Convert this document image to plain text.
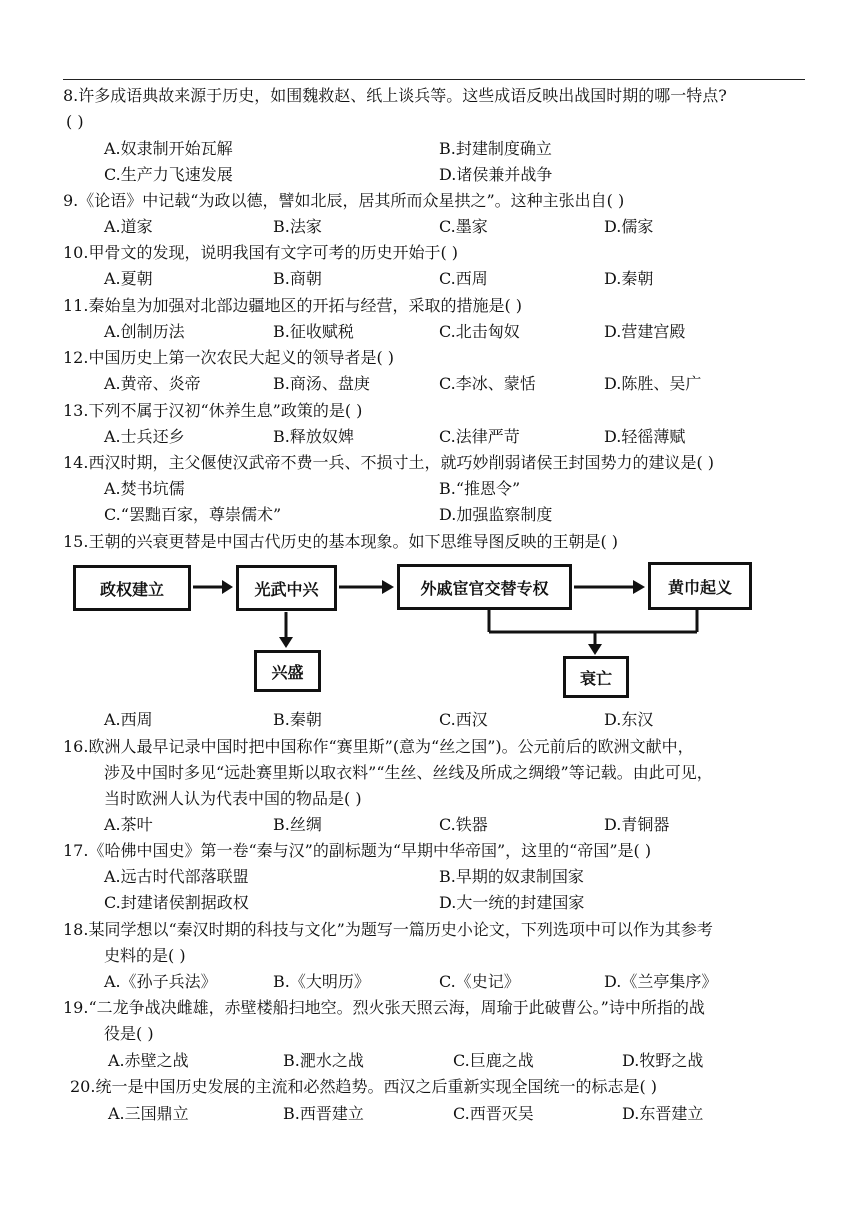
8.许多成语典故来源于历史，如围魏救赵、纸上谈兵等。这些成语反映出战国时期的哪一特点?
( )
A.奴隶制开始瓦解	B.封建制度确立
C.生产力飞速发展	D.诸侯兼并战争
9.《论语》中记载“为政以德，譬如北辰，居其所而众星拱之”。这种主张出自( )
A.道家	B.法家	C.墨家	D.儒家
10.甲骨文的发现，说明我国有文字可考的历史开始于( )
A.夏朝	B.商朝	C.西周	D.秦朝
11.秦始皇为加强对北部边疆地区的开拓与经营，采取的措施是( )
A.创制历法	B.征收赋税	C.北击匈奴	D.营建宫殿
12.中国历史上第一次农民大起义的领导者是( )
A.黄帝、炎帝	B.商汤、盘庚	C.李冰、蒙恬	D.陈胜、吴广
13.下列不属于汉初“休养生息”政策的是( )
A.士兵还乡	B.释放奴婢	C.法律严苛	D.轻徭薄赋
14.西汉时期，主父偃使汉武帝不费一兵、不损寸土，就巧妙削弱诸侯王封国势力的建议是( )
A.焚书坑儒	B.“推恩令”
C.“罢黜百家，尊崇儒术”	D.加强监察制度
15.王朝的兴衰更替是中国古代历史的基本现象。如下思维导图反映的王朝是( )
政权建立	光武中兴	外戚宦官交替专权	黄巾起义
兴盛	衰亡
A.西周	B.秦朝	C.西汉	D.东汉
16.欧洲人最早记录中国时把中国称作“赛里斯”(意为“丝之国”)。公元前后的欧洲文献中，
涉及中国时多见“远赴赛里斯以取衣料”“生丝、丝线及所成之绸缎”等记载。由此可见，
当时欧洲人认为代表中国的物品是( )
A.茶叶	B.丝绸	C.铁器	D.青铜器
17.《哈佛中国史》第一卷“秦与汉”的副标题为“早期中华帝国”，这里的“帝国”是( )
A.远古时代部落联盟	B.早期的奴隶制国家
C.封建诸侯割据政权	D.大一统的封建国家
18.某同学想以“秦汉时期的科技与文化”为题写一篇历史小论文，下列选项中可以作为其参考
史料的是( )
A.《孙子兵法》	B.《大明历》	C.《史记》	D.《兰亭集序》
19.“二龙争战决雌雄，赤壁楼船扫地空。烈火张天照云海，周瑜于此破曹公。”诗中所指的战
役是( )
A.赤壁之战	B.淝水之战	C.巨鹿之战	D.牧野之战
20.统一是中国历史发展的主流和必然趋势。西汉之后重新实现全国统一的标志是( )
A.三国鼎立	B.西晋建立	C.西晋灭吴	D.东晋建立
